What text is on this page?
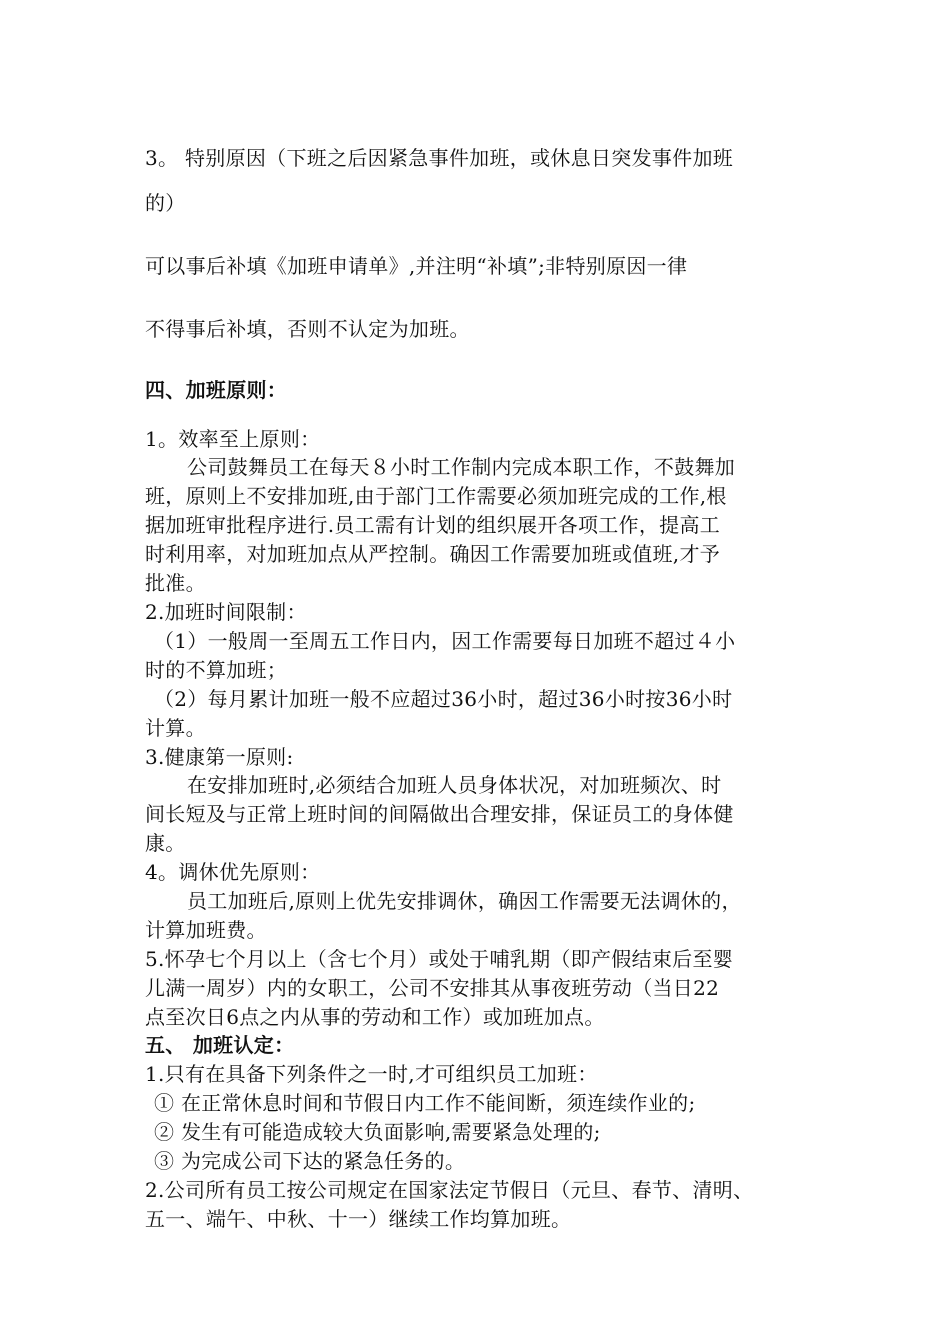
3。 特别原因（下班之后因紧急事件加班，或休息日突发事件加班
的）
可以事后补填《加班申请单》,并注明“补填”;非特别原因一律
不得事后补填，否则不认定为加班。
四、加班原则：
1。效率至上原则：
公司鼓舞员工在每天８小时工作制内完成本职工作，不鼓舞加
班，原则上不安排加班,由于部门工作需要必须加班完成的工作,根
据加班审批程序进行.员工需有计划的组织展开各项工作，提高工
时利用率，对加班加点从严控制。确因工作需要加班或值班,才予
批准。
2.加班时间限制：
（1）一般周一至周五工作日内，因工作需要每日加班不超过４小
时的不算加班；
（2）每月累计加班一般不应超过36小时，超过36小时按36小时
计算。
3.健康第一原则:
在安排加班时,必须结合加班人员身体状况，对加班频次、时
间长短及与正常上班时间的间隔做出合理安排，保证员工的身体健
康。
4。调休优先原则：
员工加班后,原则上优先安排调休，确因工作需要无法调休的，
计算加班费。
5.怀孕七个月以上（含七个月）或处于哺乳期（即产假结束后至婴
儿满一周岁）内的女职工，公司不安排其从事夜班劳动（当日22
点至次日6点之内从事的劳动和工作）或加班加点。
五、 加班认定：
1.只有在具备下列条件之一时,才可组织员工加班：
① 在正常休息时间和节假日内工作不能间断，须连续作业的;
② 发生有可能造成较大负面影响,需要紧急处理的;
③ 为完成公司下达的紧急任务的。
2.公司所有员工按公司规定在国家法定节假日（元旦、春节、清明、
五一、端午、中秋、十一）继续工作均算加班。
